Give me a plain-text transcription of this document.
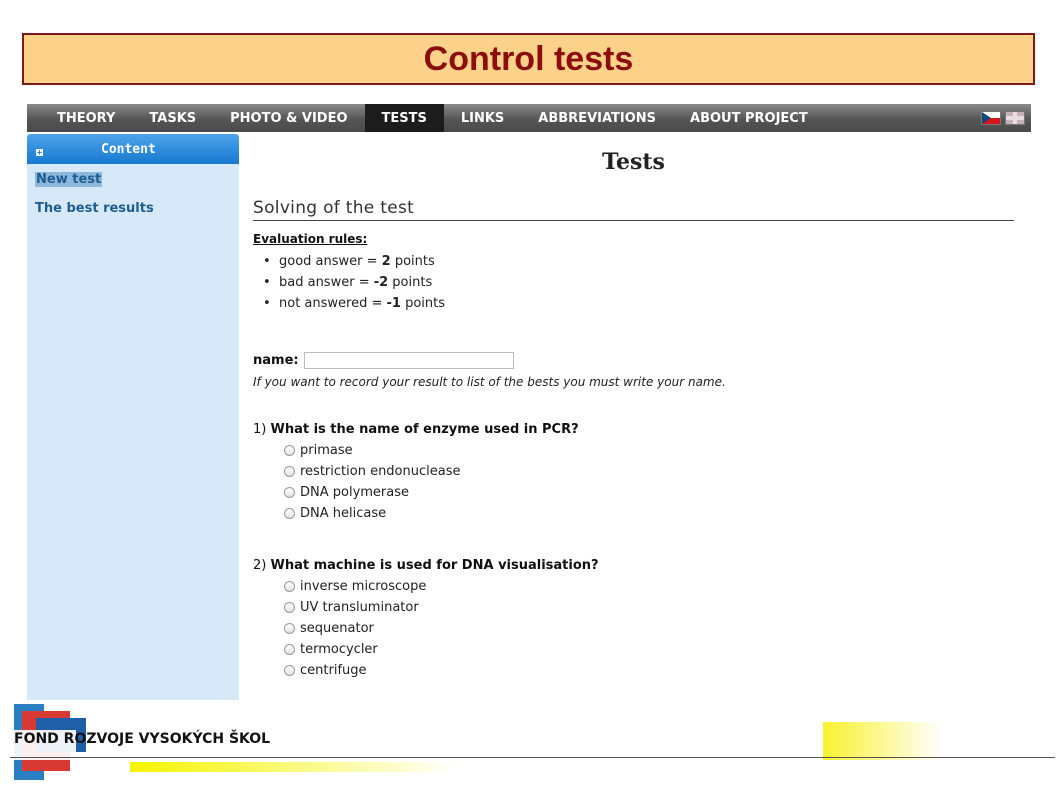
Control tests
THEORY	TASKS	PHOTO & VIDEO	TESTS	LINKS	ABBREVIATIONS	ABOUT PROJECT
+	Content
New test
The best results
Tests
Solving of the test
Evaluation rules:
• good answer = 2 points
• bad answer = -2 points
• not answered = -1 points
name:
If you want to record your result to list of the bests you must write your name.
1) What is the name of enzyme used in PCR?
primase
restriction endonuclease
DNA polymerase
DNA helicase
2) What machine is used for DNA visualisation?
inverse microscope
UV transluminator
sequenator
termocycler
centrifuge
FOND ROZVOJE VYSOKÝCH ŠKOL
